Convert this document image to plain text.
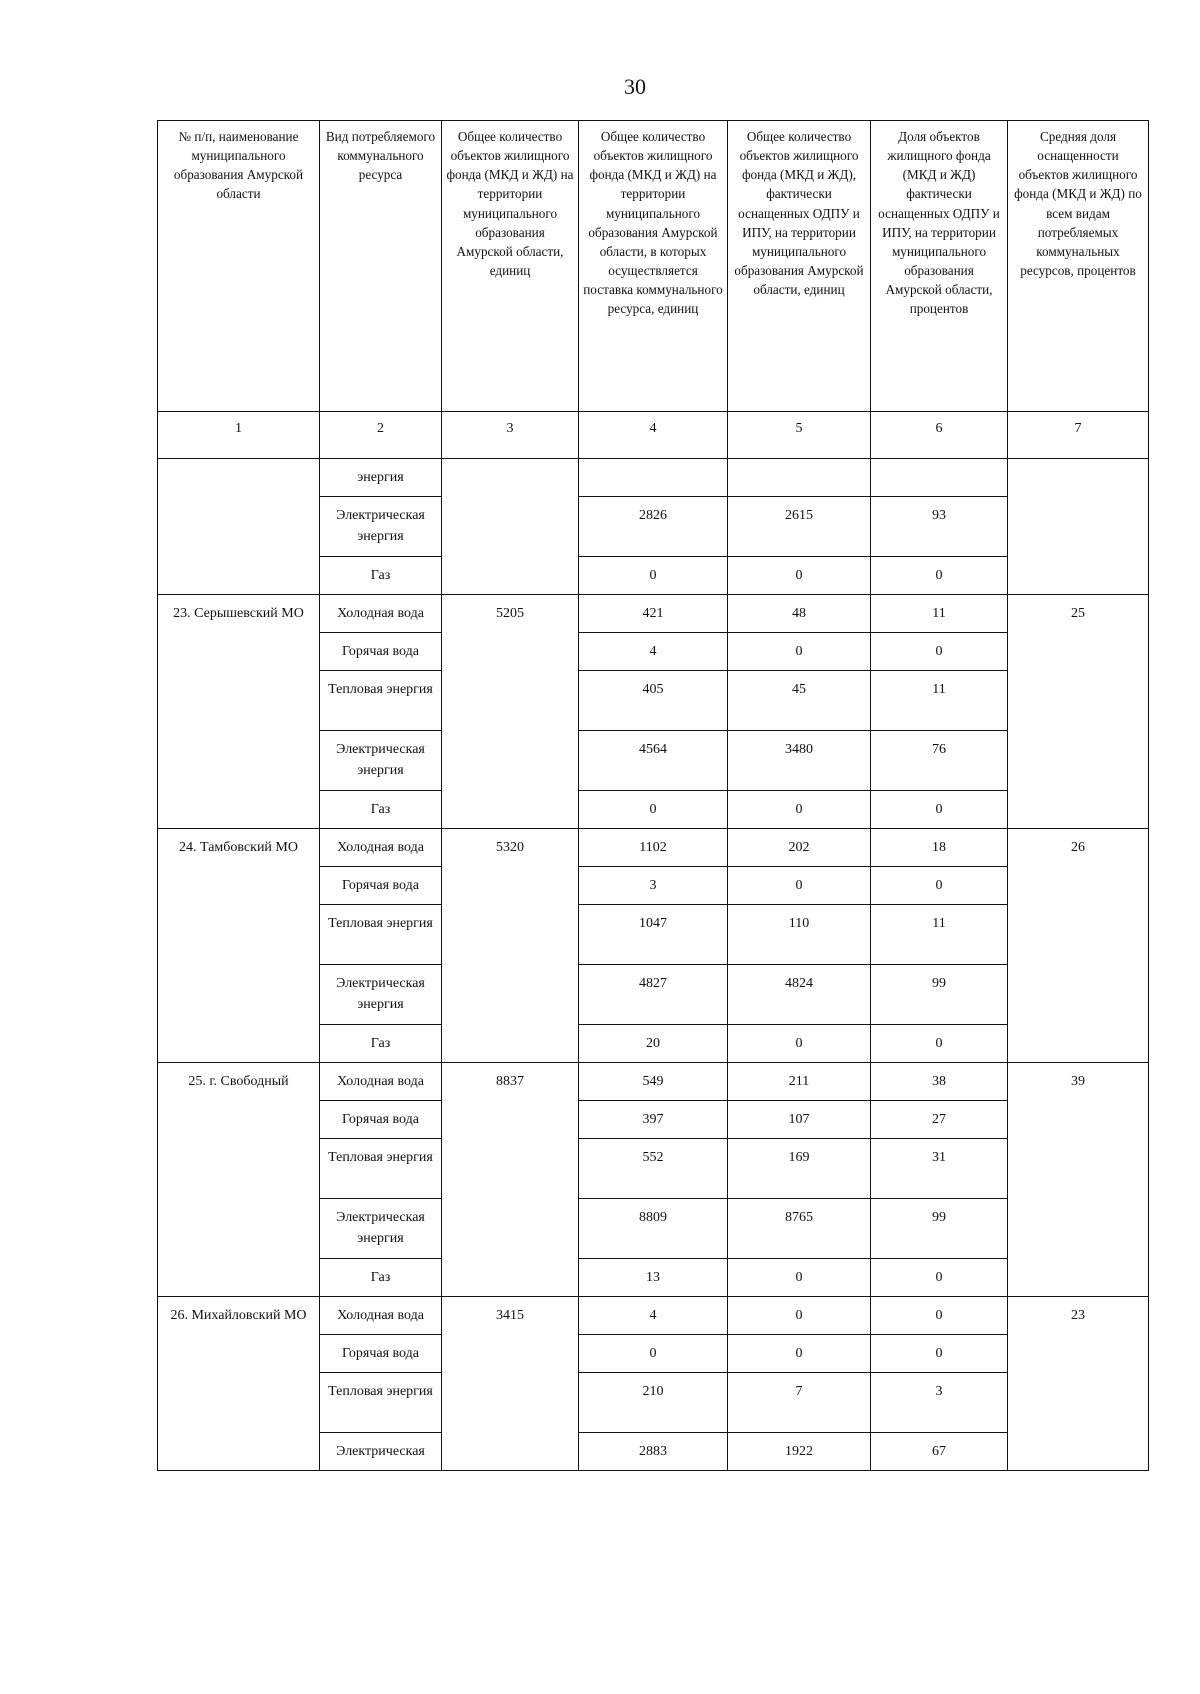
30
№ п/п, наименование муниципального образования Амурской области	Вид потребляемого коммунального ресурса	Общее количество объектов жилищного фонда (МКД и ЖД) на территории муниципального образования Амурской области, единиц	Общее количество объектов жилищного фонда (МКД и ЖД) на территории муниципального образования Амурской области, в которых осуществляется поставка коммунального ресурса, единиц	Общее количество объектов жилищного фонда (МКД и ЖД), фактически оснащенных ОДПУ и ИПУ, на территории муниципального образования Амурской области, единиц	Доля объектов жилищного фонда (МКД и ЖД) фактически оснащенных ОДПУ и ИПУ, на территории муниципального образования Амурской области, процентов	Средняя доля оснащенности объектов жилищного фонда (МКД и ЖД) по всем видам потребляемых коммунальных ресурсов, процентов
1	2	3	4	5	6	7
	энергия					
	Электрическая энергия		2826	2615	93	
	Газ		0	0	0	
23. Серышевский МО	Холодная вода	5205	421	48	11	25
	Горячая вода		4	0	0	
	Тепловая энергия		405	45	11	
	Электрическая энергия		4564	3480	76	
	Газ		0	0	0	
24. Тамбовский МО	Холодная вода	5320	1102	202	18	26
	Горячая вода		3	0	0	
	Тепловая энергия		1047	110	11	
	Электрическая энергия		4827	4824	99	
	Газ		20	0	0	
25. г. Свободный	Холодная вода	8837	549	211	38	39
	Горячая вода		397	107	27	
	Тепловая энергия		552	169	31	
	Электрическая энергия		8809	8765	99	
	Газ		13	0	0	
26. Михайловский МО	Холодная вода	3415	4	0	0	23
	Горячая вода		0	0	0	
	Тепловая энергия		210	7	3	
	Электрическая		2883	1922	67	
